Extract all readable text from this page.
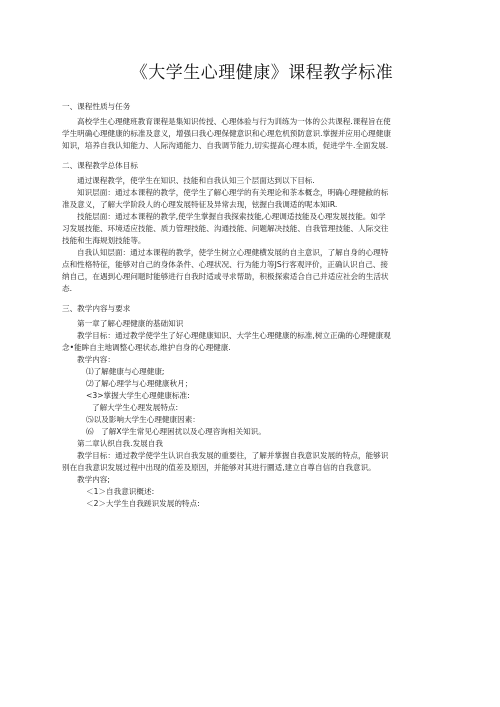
《大学生心理健康》课程教学标准
一、课程性质与任务
高校学生心理健班教育课程是集知识传授、心理体验与行为训练为一体的公共课程.课程旨在使
学生明确心理健康的标准及意义，增强曰我心理保健意识和心理危机预防意识.掌握并应用心理健康
知识，培养自我认知能力、人际沟通能力、自我调节能力,切实提高心理本质，促进学牛.全面发展.
二、课程教学总体目标
通过课程教学，使学生在知识、技能和自我认知三个层面达到以下目标.
知识层面：通过本课程的教学，使学生了解心理学的有关理论和茶本概念，明确心理健敝的标
准及意义，了解大学阶段人的心理发展特征及异常去现，铉握白我调适的呢本知iR.
技能层面：通过本课程的教学,使学生掌握自我探索技能,心理调适技能及心理发展技能。如学
习发展技能、环境适应技能、质力管理技能、沟通技能、问题解决技能、自我管理技能、人际交往
技能和生海规划技能等。
自我认知层面：通过本课程的教学，使学生树立心理健横发展的自主意识，了解自身的心理特
点和性格特征，能够对自己的身体条件、心理状况、行为能力等JS行客观评价，正确认识自己、接
纳自己，在遇到心理问题时能够进行自我时适或寻求帮助，积极探索适合自己并适应社会的生活状
态.
三、教学内容与要求
第一章了解心理健康的基础知识
教学目标：通过教学使学生了好心理健康知识、大学生心理健康的标准,树立正确的心理健康观
念•能眸自主地调整心理状态,维护自身的心理健康.
教学内容：
⑴了解健康与心理健康;
⑵了解心理学与心理健康秋月；
<3>掌握大学生心理健康标准:
了解大学生心理发展特点:
⑸以及影响大学生心理健康因素：
⑹　了解X学生常见心理困扰以及心理咨询相关知识。
第二章认织自我.发展自我
教学目标：通过教学使学生认识自我发展的重要往，了解并掌握自我意识发展的特点，能够识
别在自我意识发展过程中出现的值差及原因，并能够对其进行圜适,建立自尊自信的自我意识。
教学内容;
＜1＞自我意识概述:
＜2＞大学生自我蹉识发展的特点:
